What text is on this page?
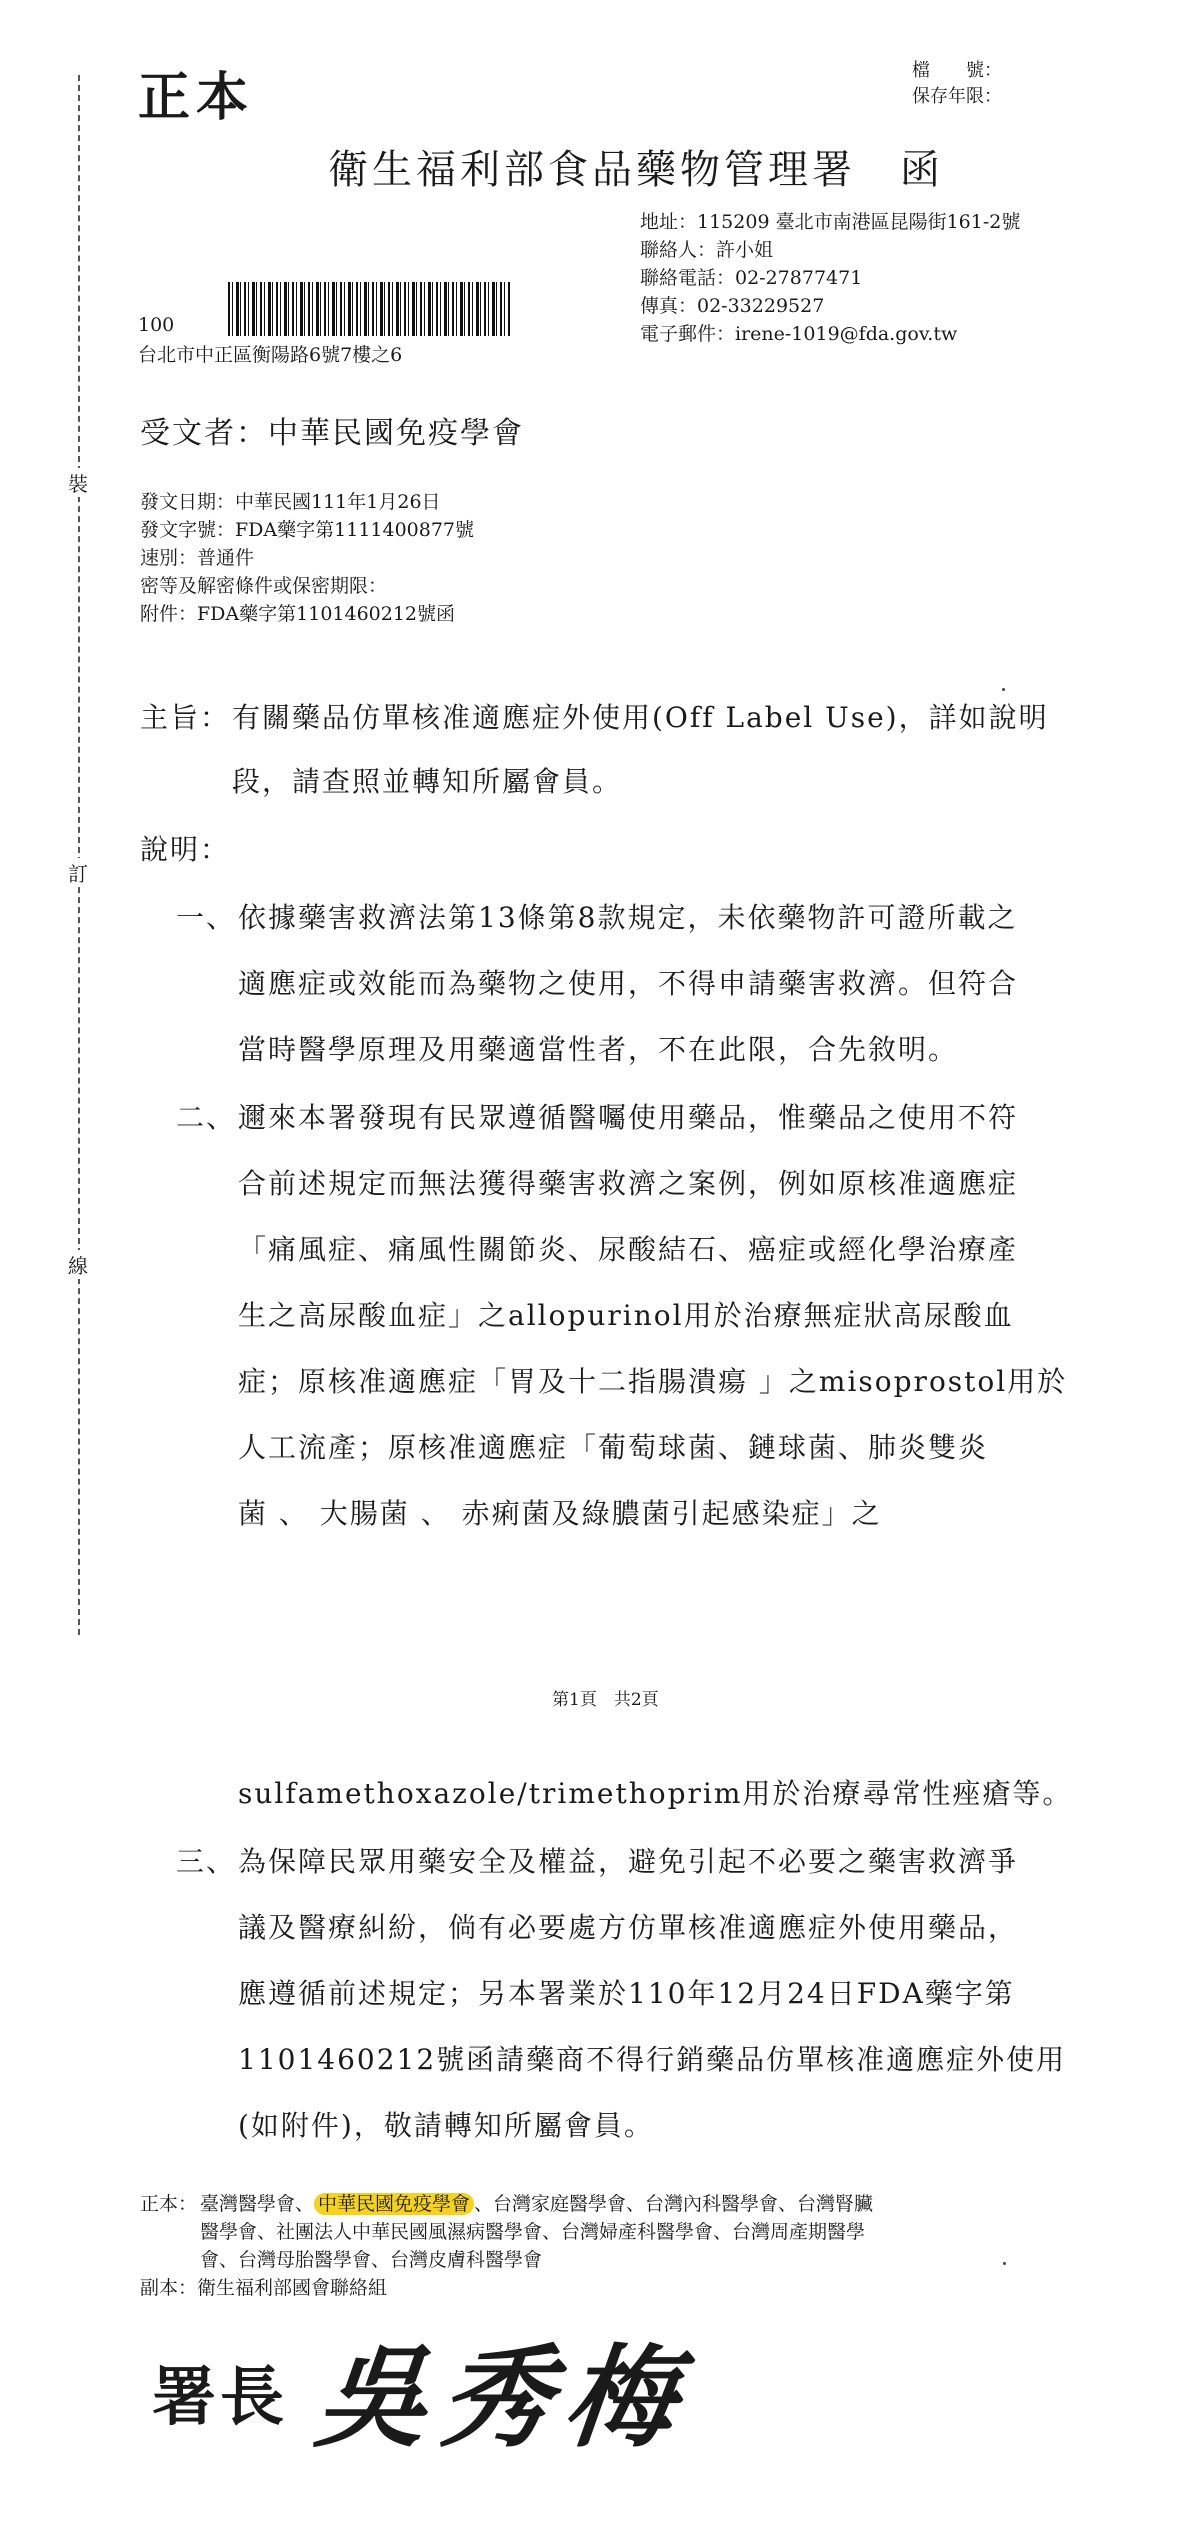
裝
訂
線
正本	檔　　號：
保存年限：
衛生福利部食品藥物管理署　函
地址：115209 臺北市南港區昆陽街161-2號
聯絡人：許小姐
聯絡電話：02-27877471
傳真：02-33229527
電子郵件：irene-1019@fda.gov.tw
100
台北市中正區衡陽路6號7樓之6
受文者：中華民國免疫學會
發文日期：中華民國111年1月26日
發文字號：FDA藥字第1111400877號
速別：普通件
密等及解密條件或保密期限：
附件：FDA藥字第1101460212號函
主旨： 有關藥品仿單核准適應症外使用(Off Label Use)，詳如說明
段，請查照並轉知所屬會員。
說明：
一、 依據藥害救濟法第13條第8款規定，未依藥物許可證所載之
適應症或效能而為藥物之使用，不得申請藥害救濟。但符合
當時醫學原理及用藥適當性者，不在此限，合先敘明。
二、 邇來本署發現有民眾遵循醫囑使用藥品，惟藥品之使用不符
合前述規定而無法獲得藥害救濟之案例，例如原核准適應症
「痛風症、痛風性關節炎、尿酸結石、癌症或經化學治療產
生之高尿酸血症」之allopurinol用於治療無症狀高尿酸血
症；原核准適應症「胃及十二指腸潰瘍 」之misoprostol用於
人工流產；原核准適應症「葡萄球菌、鏈球菌、肺炎雙炎
菌 、 大腸菌 、 赤痢菌及綠膿菌引起感染症」之
第1頁　共2頁
sulfamethoxazole/trimethoprim用於治療尋常性痤瘡等。
三、 為保障民眾用藥安全及權益，避免引起不必要之藥害救濟爭
議及醫療糾紛，倘有必要處方仿單核准適應症外使用藥品，
應遵循前述規定；另本署業於110年12月24日FDA藥字第
1101460212號函請藥商不得行銷藥品仿單核准適應症外使用
(如附件)，敬請轉知所屬會員。
正本： 臺灣醫學會、 中華民國免疫學會 、台灣家庭醫學會、台灣內科醫學會、台灣腎臟
醫學會、社團法人中華民國風濕病醫學會、台灣婦產科醫學會、台灣周產期醫學
會、台灣母胎醫學會、台灣皮膚科醫學會
副本：衛生福利部國會聯絡組
署長 吳秀梅
